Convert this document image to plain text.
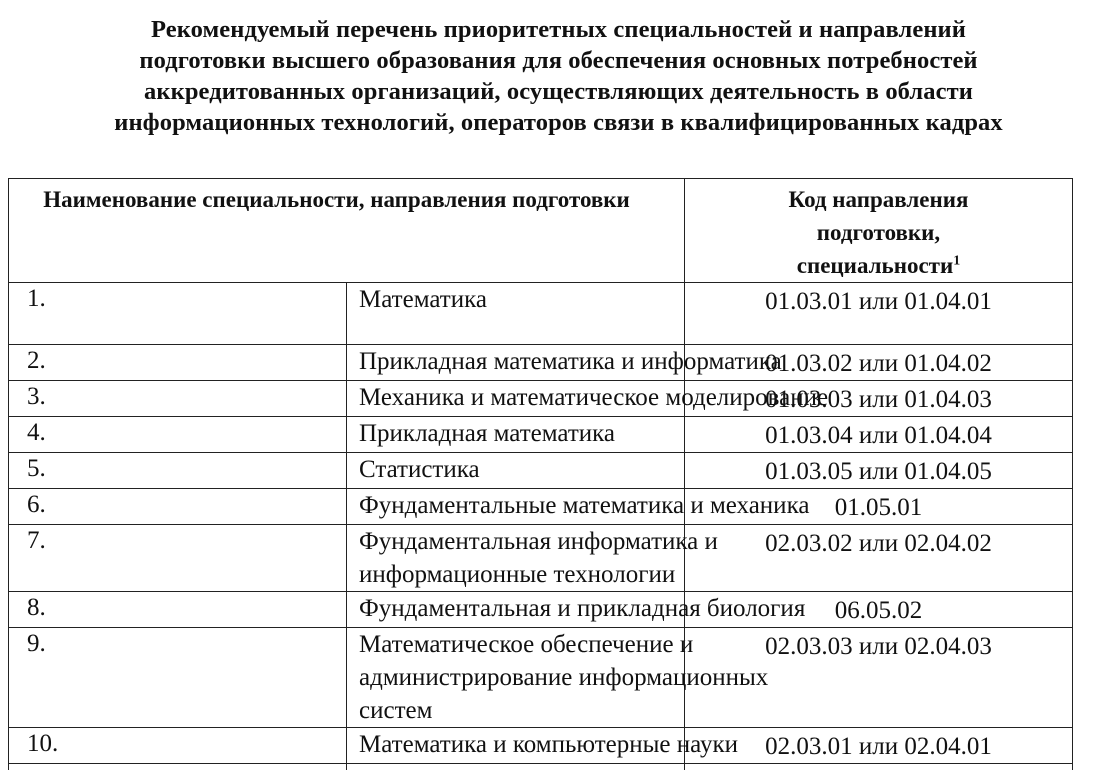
Рекомендуемый перечень приоритетных специальностей и направлений
подготовки высшего образования для обеспечения основных потребностей
аккредитованных организаций, осуществляющих деятельность в области
информационных технологий, операторов связи в квалифицированных кадрах
Наименование специальности, направления подготовки		Код направления подготовки, специальности$^1$

1.	Математика	01.03.01 или 01.04.01

2.	Прикладная математика и информатика	01.03.02 или 01.04.02

3.	Механика и математическое моделирование	01.03.03 или 01.04.03

4.	Прикладная математика	01.03.04 или 01.04.04

5.	Статистика	01.03.05 или 01.04.05

6.	Фундаментальные математика и механика	01.05.01

7.	Фундаментальная информатика и
информационные технологии	02.03.02 или 02.04.02

8.	Фундаментальная и прикладная биология	06.05.02

9.	Математическое обеспечение и
администрирование информационных
систем	02.03.03 или 02.04.03

10.	Математика и компьютерные науки	02.03.01 или 02.04.01
